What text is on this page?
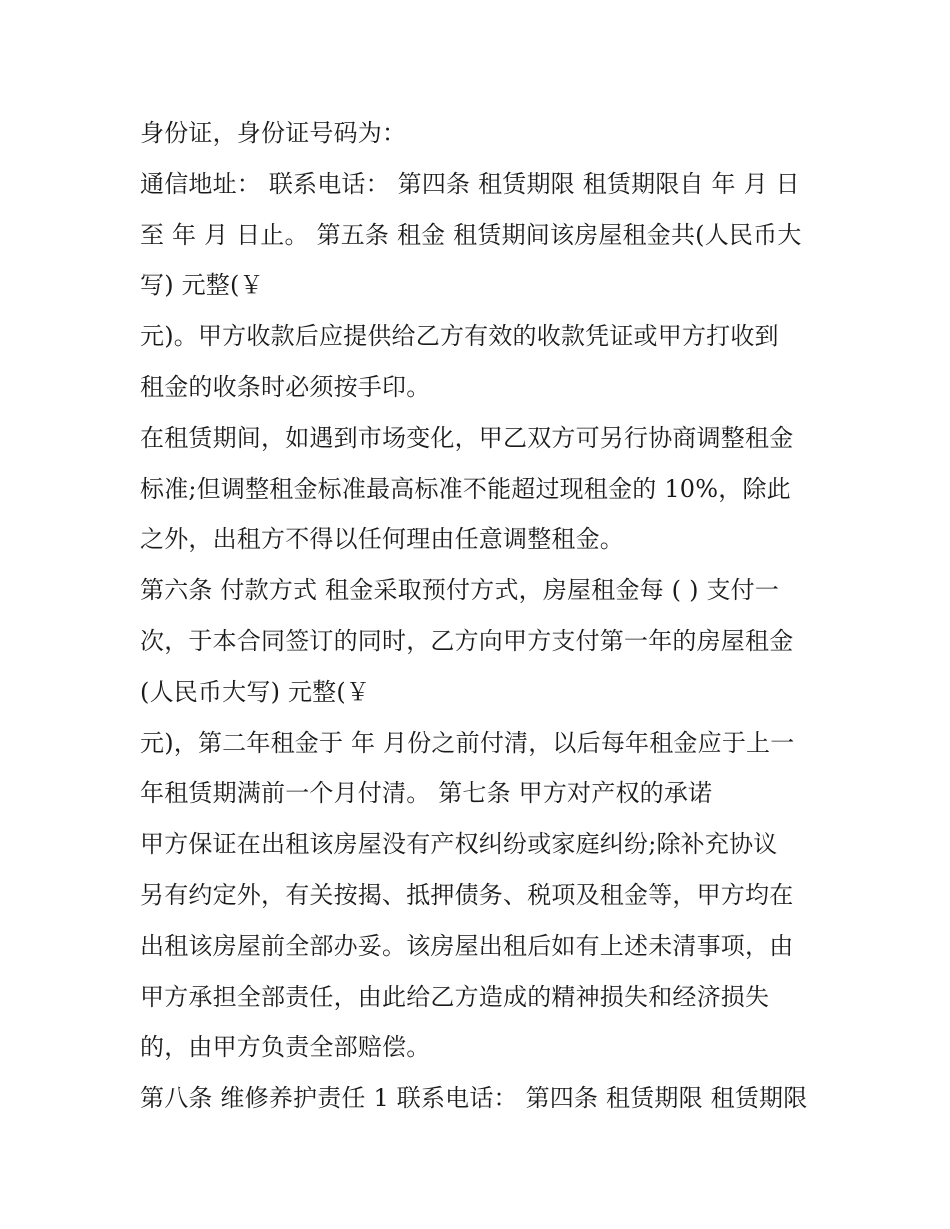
身份证，身份证号码为：
通信地址： 联系电话： 第四条 租赁期限 租赁期限自 年 月 日
至 年 月 日止。 第五条 租金 租赁期间该房屋租金共(人民币大
写) 元整(￥
元)。甲方收款后应提供给乙方有效的收款凭证或甲方打收到
租金的收条时必须按手印。
在租赁期间，如遇到市场变化，甲乙双方可另行协商调整租金
标准;但调整租金标准最高标准不能超过现租金的 10%，除此
之外，出租方不得以任何理由任意调整租金。
第六条 付款方式 租金采取预付方式，房屋租金每 ( ) 支付一
次，于本合同签订的同时，乙方向甲方支付第一年的房屋租金
(人民币大写) 元整(￥
元)，第二年租金于 年 月份之前付清，以后每年租金应于上一
年租赁期满前一个月付清。 第七条 甲方对产权的承诺
甲方保证在出租该房屋没有产权纠纷或家庭纠纷;除补充协议
另有约定外，有关按揭、抵押债务、税项及租金等，甲方均在
出租该房屋前全部办妥。该房屋出租后如有上述未清事项，由
甲方承担全部责任，由此给乙方造成的精神损失和经济损失
的，由甲方负责全部赔偿。
第八条 维修养护责任 1 联系电话： 第四条 租赁期限 租赁期限
